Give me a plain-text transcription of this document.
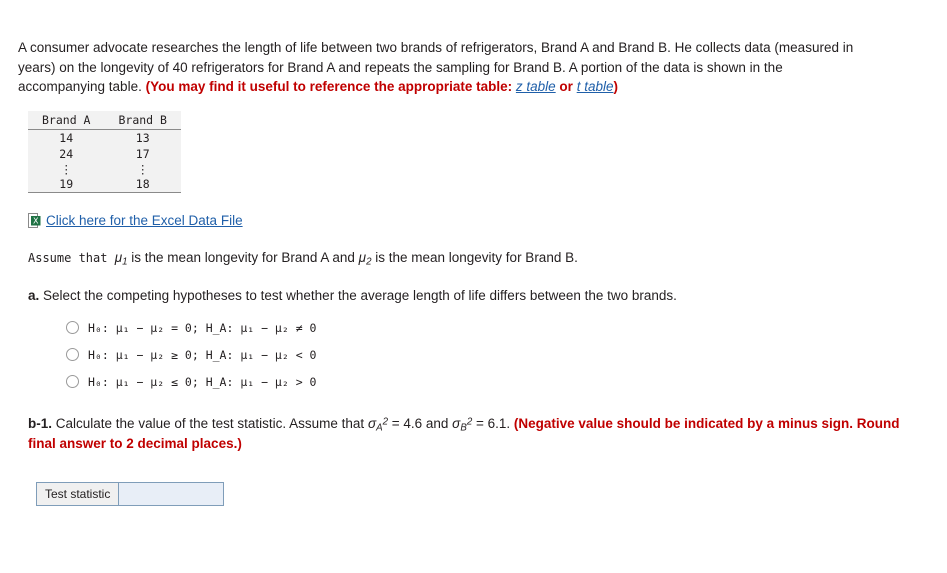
A consumer advocate researches the length of life between two brands of refrigerators, Brand A and Brand B. He collects data (measured in years) on the longevity of 40 refrigerators for Brand A and repeats the sampling for Brand B. A portion of the data is shown in the accompanying table. (You may find it useful to reference the appropriate table: z table or t table)
Brand A	Brand B
14	13
24	17
⋮	⋮
19	18
X Click here for the Excel Data File
Assume that $\mu_1$ is the mean longevity for Brand A and $\mu_2$ is the mean longevity for Brand B.
a. Select the competing hypotheses to test whether the average length of life differs between the two brands.
H₀: μ₁ − μ₂ = 0; H_A: μ₁ − μ₂ ≠ 0
H₀: μ₁ − μ₂ ≥ 0; H_A: μ₁ − μ₂ < 0
H₀: μ₁ − μ₂ ≤ 0; H_A: μ₁ − μ₂ > 0
b-1. Calculate the value of the test statistic. Assume that $\sigma_A^2 = 4.6$ and $\sigma_B^2 = 6.1$. (Negative value should be indicated by a minus sign. Round final answer to 2 decimal places.)
Test statistic
